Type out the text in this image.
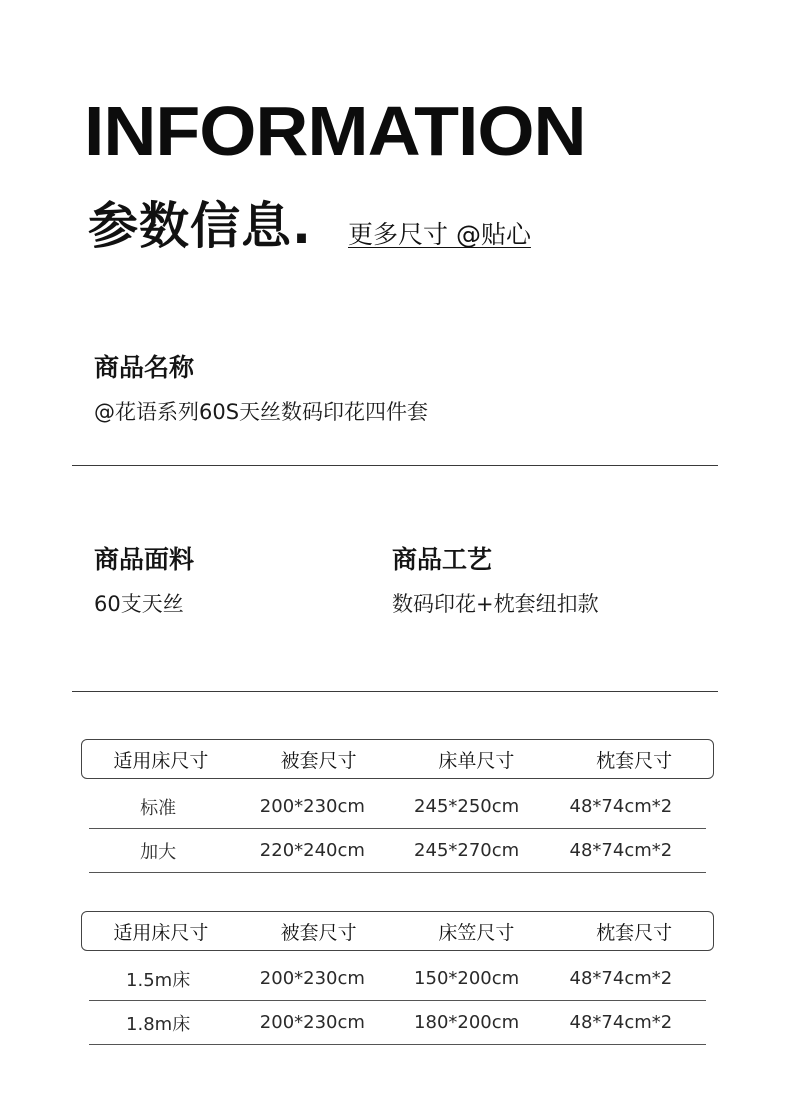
INFORMATION
参数信息. 更多尺寸 @贴心
商品名称
@花语系列60S天丝数码印花四件套
商品面料
60支天丝
商品工艺
数码印花+枕套纽扣款
适用床尺寸	被套尺寸	床单尺寸	枕套尺寸
标准	200*230cm	245*250cm	48*74cm*2
加大	220*240cm	245*270cm	48*74cm*2
适用床尺寸	被套尺寸	床笠尺寸	枕套尺寸
1.5m床	200*230cm	150*200cm	48*74cm*2
1.8m床	200*230cm	180*200cm	48*74cm*2
